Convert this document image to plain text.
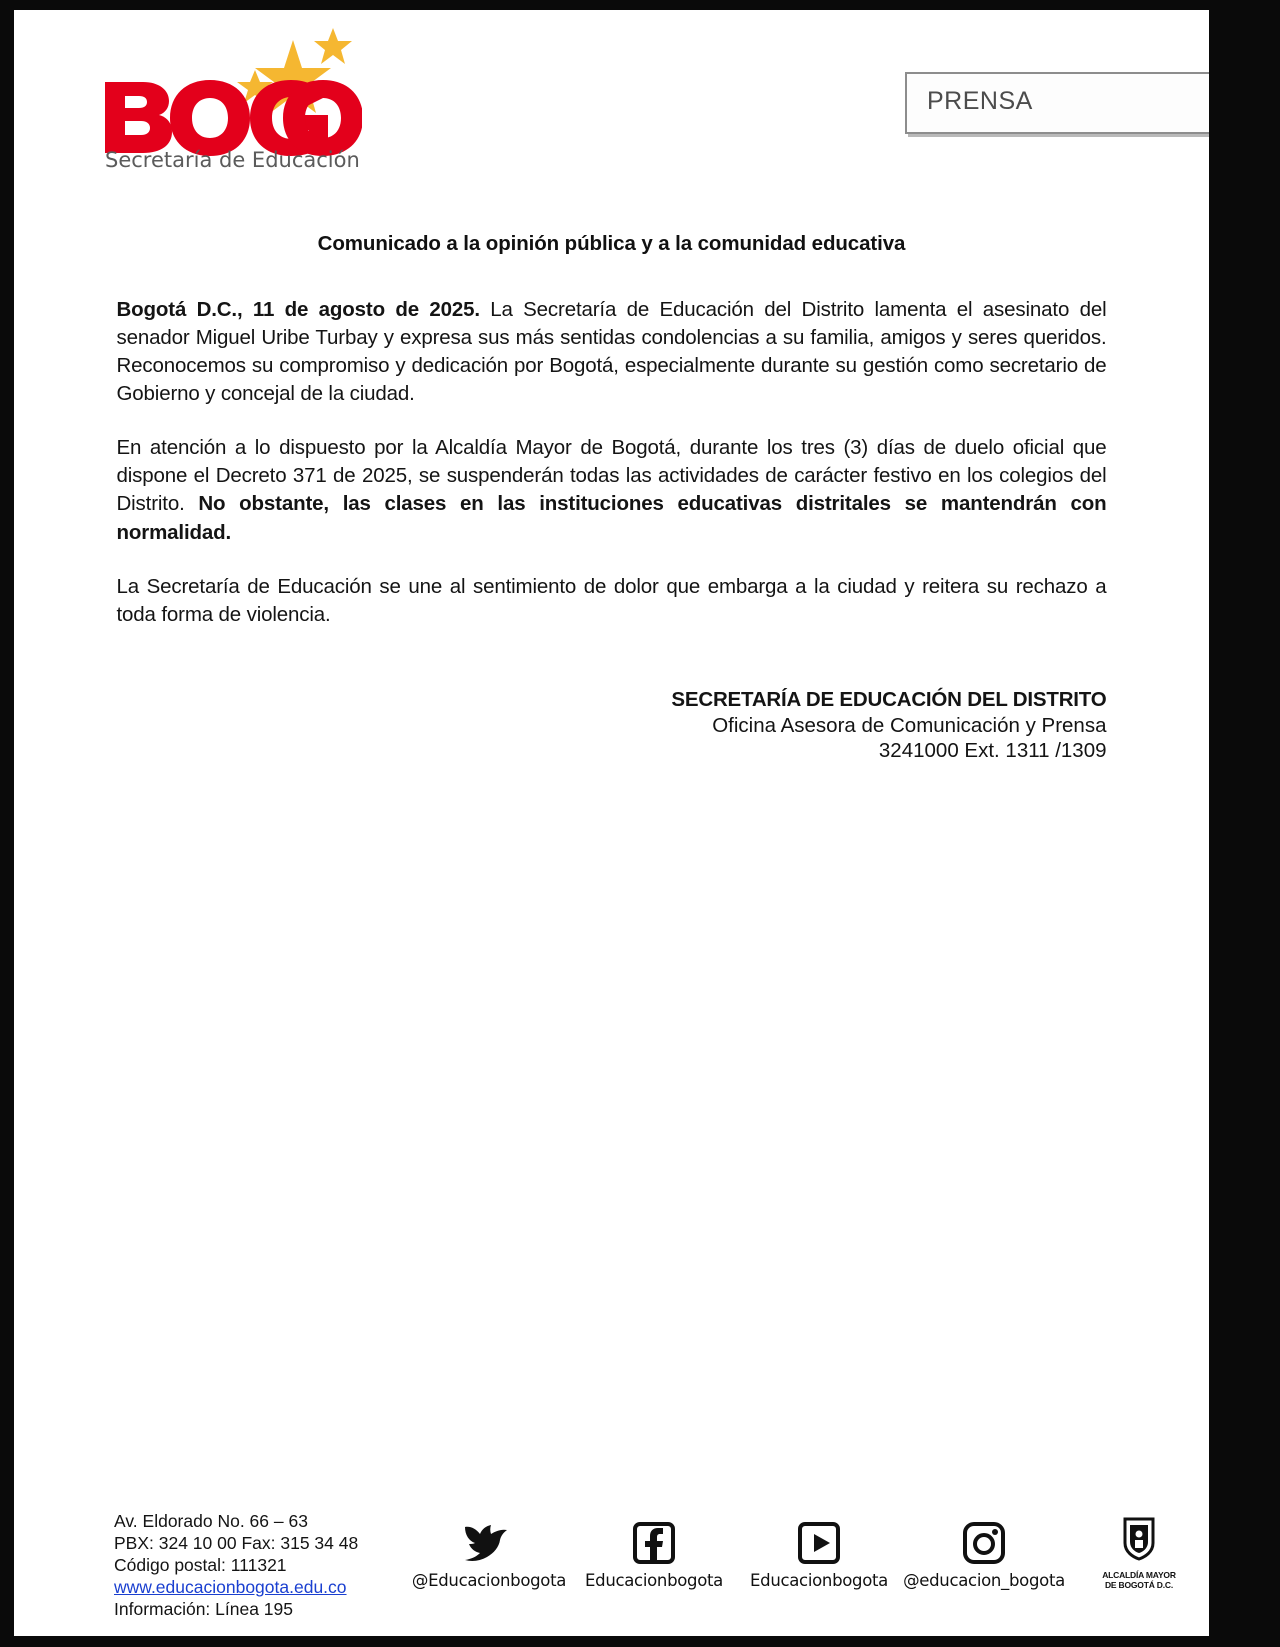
Secretaría de Educación
PRENSA
Comunicado a la opinión pública y a la comunidad educativa

Bogotá D.C., 11 de agosto de 2025. La Secretaría de Educación del Distrito lamenta el asesinato del senador Miguel Uribe Turbay y expresa sus más sentidas condolencias a su familia, amigos y seres queridos. Reconocemos su compromiso y dedicación por Bogotá, especialmente durante su gestión como secretario de Gobierno y concejal de la ciudad.

En atención a lo dispuesto por la Alcaldía Mayor de Bogotá, durante los tres (3) días de duelo oficial que dispone el Decreto 371 de 2025, se suspenderán todas las actividades de carácter festivo en los colegios del Distrito. No obstante, las clases en las instituciones educativas distritales se mantendrán con normalidad.

La Secretaría de Educación se une al sentimiento de dolor que embarga a la ciudad y reitera su rechazo a toda forma de violencia.

SECRETARÍA DE EDUCACIÓN DEL DISTRITO
Oficina Asesora de Comunicación y Prensa
3241000 Ext. 1311 /1309
Av. Eldorado No. 66 – 63
PBX: 324 10 00 Fax: 315 34 48
Código postal: 111321
www.educacionbogota.edu.co
Información: Línea 195
@Educacionbogota Educacionbogota Educacionbogota @educacion_bogota	ALCALDÍA MAYOR
DE BOGOTÁ D.C.
